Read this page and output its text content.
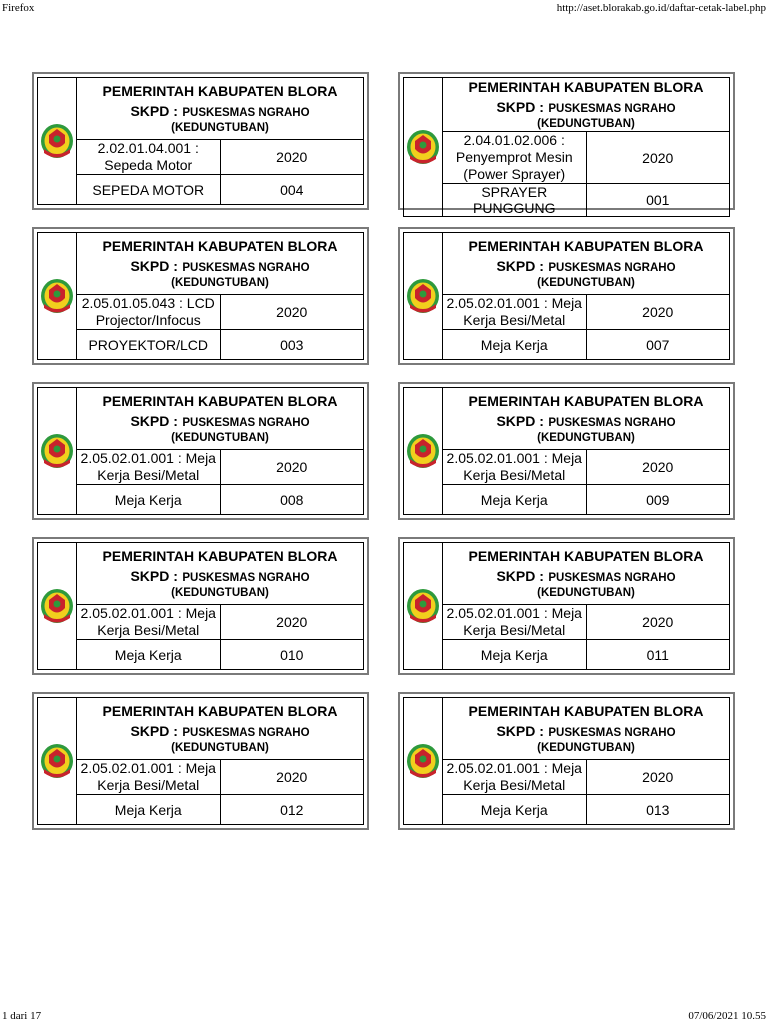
Firefox	http://aset.blorakab.go.id/daftar-cetak-label.php

PEMERINTAH KABUPATEN BLORA
SKPD : PUSKESMAS NGRAHO
(KEDUNGTUBAN)	

	2.02.01.04.001 : Sepeda Motor	2020
	SEPEDA MOTOR	004

PEMERINTAH KABUPATEN BLORA
SKPD : PUSKESMAS NGRAHO
(KEDUNGTUBAN)	

	2.04.01.02.006 : Penyemprot Mesin (Power Sprayer)	2020
	SPRAYER PUNGGUNG	001

PEMERINTAH KABUPATEN BLORA
SKPD : PUSKESMAS NGRAHO
(KEDUNGTUBAN)	

	2.05.01.05.043 : LCD Projector/Infocus	2020
	PROYEKTOR/LCD	003

PEMERINTAH KABUPATEN BLORA
SKPD : PUSKESMAS NGRAHO
(KEDUNGTUBAN)	

	2.05.02.01.001 : Meja Kerja Besi/Metal	2020
	Meja Kerja	007

PEMERINTAH KABUPATEN BLORA
SKPD : PUSKESMAS NGRAHO
(KEDUNGTUBAN)	

	2.05.02.01.001 : Meja Kerja Besi/Metal	2020
	Meja Kerja	008

PEMERINTAH KABUPATEN BLORA
SKPD : PUSKESMAS NGRAHO
(KEDUNGTUBAN)	

	2.05.02.01.001 : Meja Kerja Besi/Metal	2020
	Meja Kerja	009

PEMERINTAH KABUPATEN BLORA
SKPD : PUSKESMAS NGRAHO
(KEDUNGTUBAN)	

	2.05.02.01.001 : Meja Kerja Besi/Metal	2020
	Meja Kerja	010

PEMERINTAH KABUPATEN BLORA
SKPD : PUSKESMAS NGRAHO
(KEDUNGTUBAN)	

	2.05.02.01.001 : Meja Kerja Besi/Metal	2020
	Meja Kerja	011

PEMERINTAH KABUPATEN BLORA
SKPD : PUSKESMAS NGRAHO
(KEDUNGTUBAN)	

	2.05.02.01.001 : Meja Kerja Besi/Metal	2020
	Meja Kerja	012

PEMERINTAH KABUPATEN BLORA
SKPD : PUSKESMAS NGRAHO
(KEDUNGTUBAN)	

	2.05.02.01.001 : Meja Kerja Besi/Metal	2020
	Meja Kerja	013
1 dari 17	07/06/2021 10.55
